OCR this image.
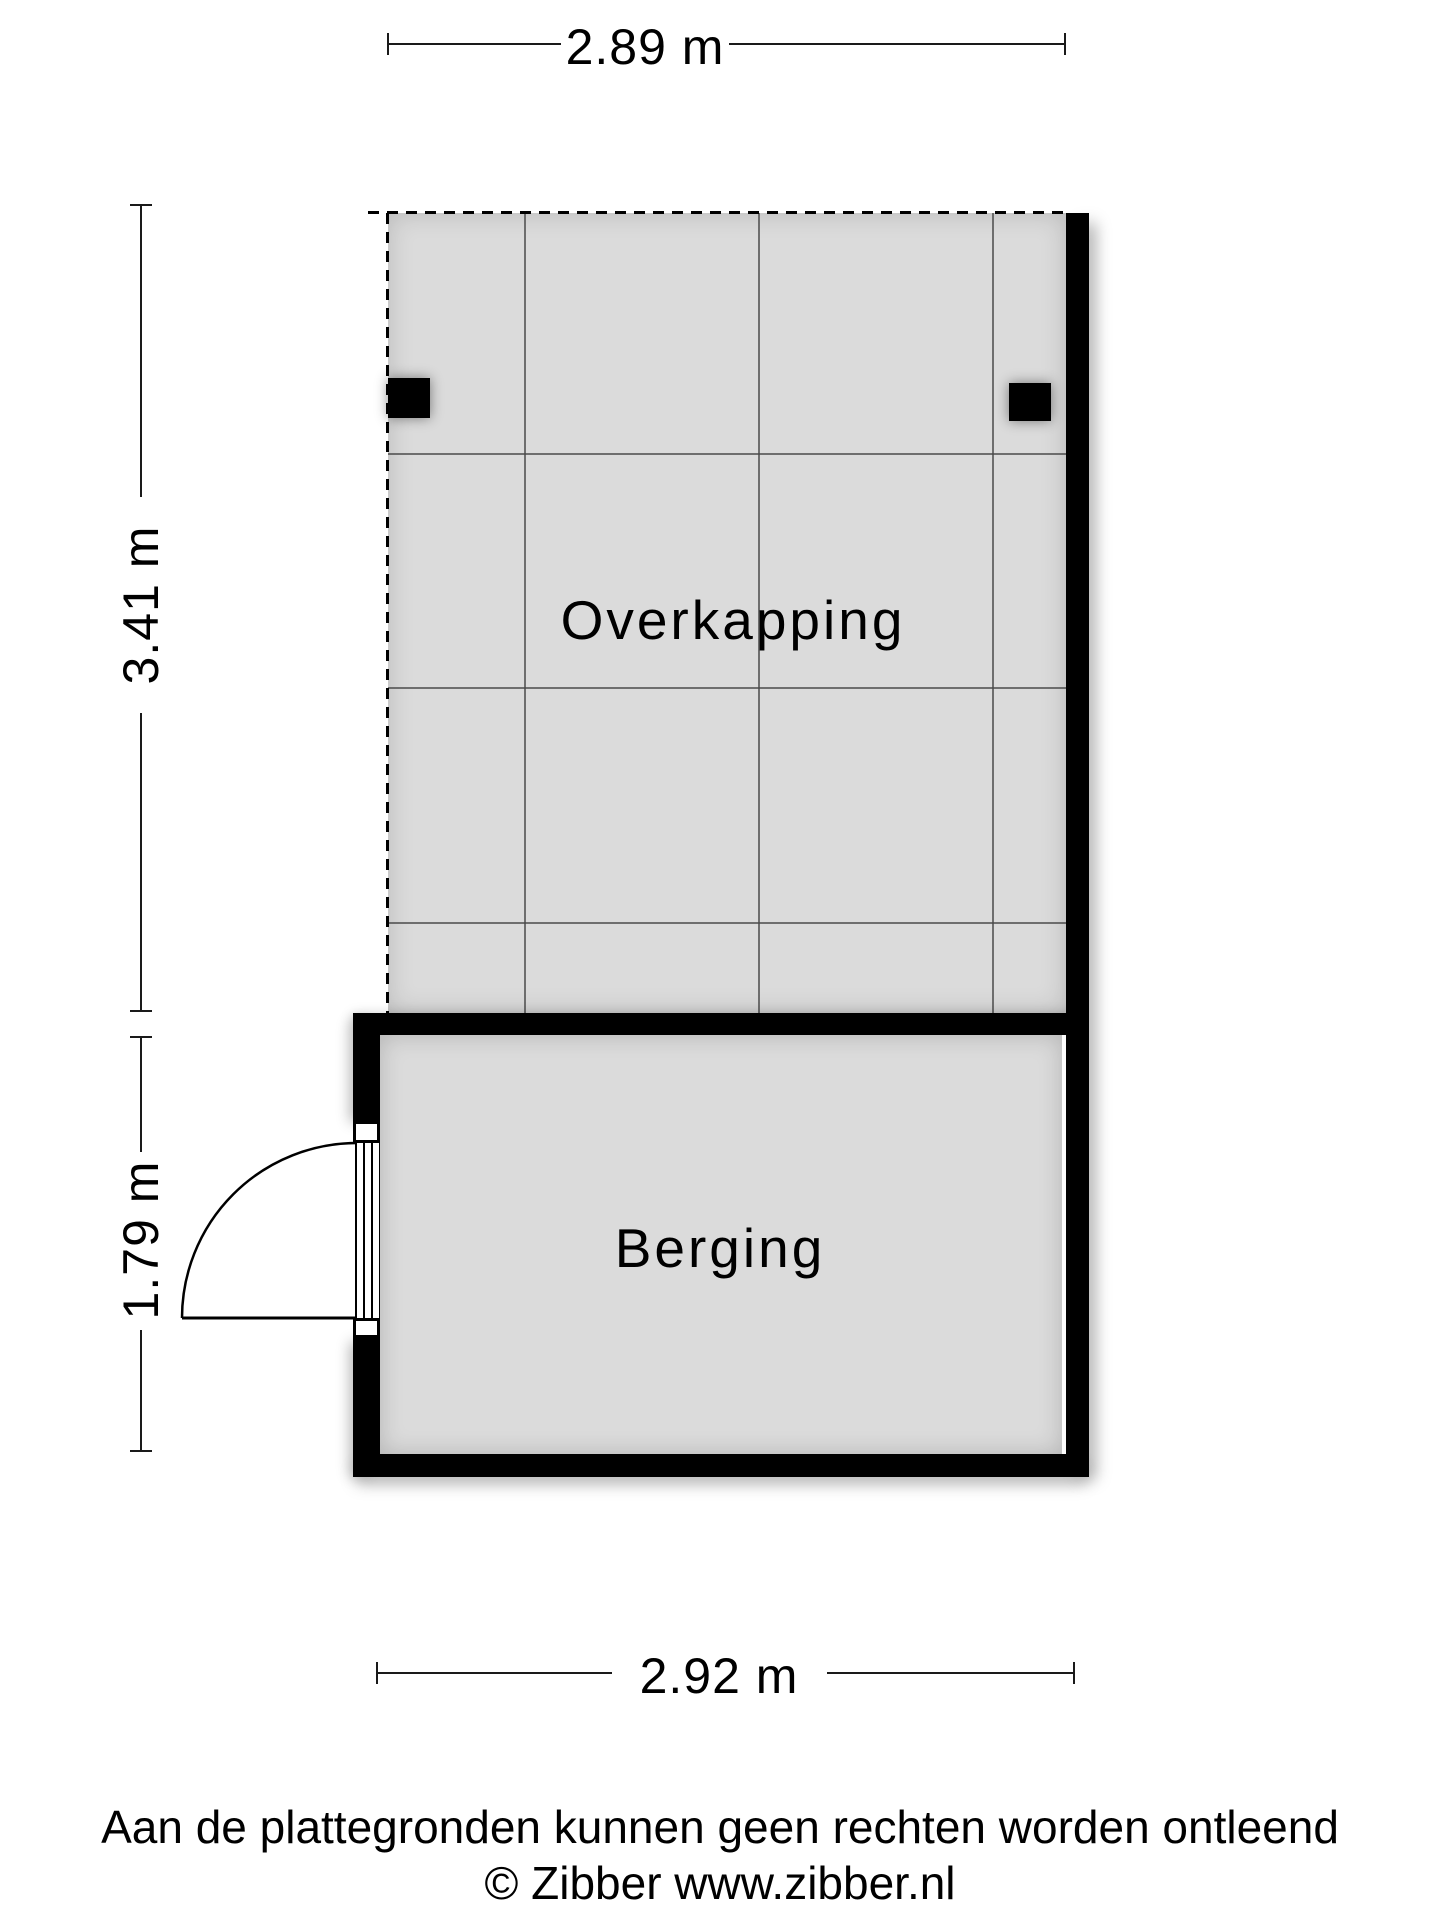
2.89 m
3.41 m
1.79 m
2.92 m
Overkapping
Berging
Aan de plattegronden kunnen geen rechten worden ontleend
© Zibber www.zibber.nl
